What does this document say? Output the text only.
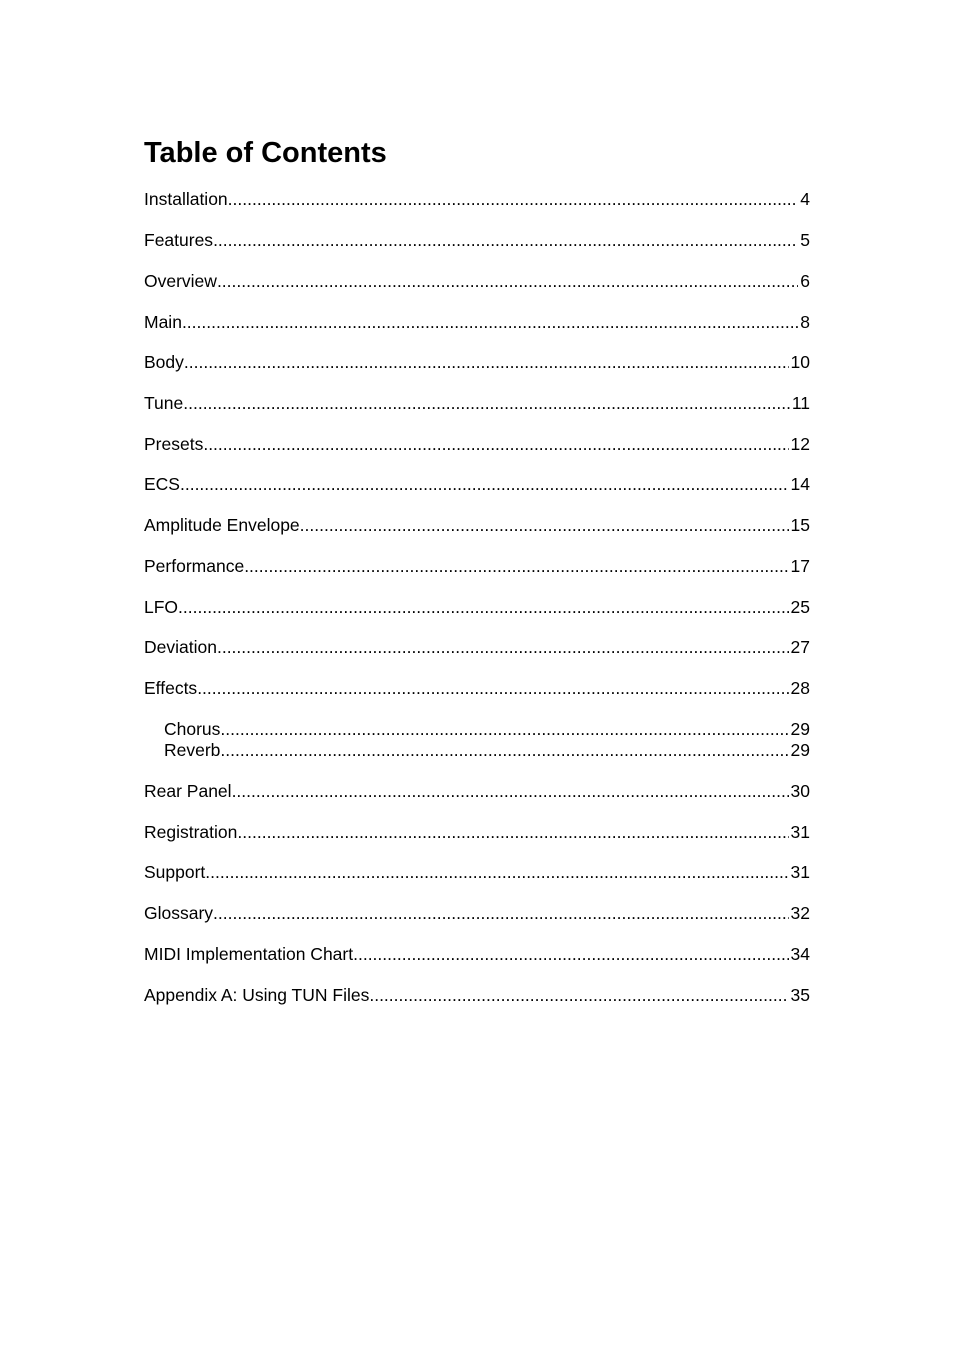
Table of Contents
Installation .....	4
Features .....	5
Overview .....	6
Main .....	8
Body .....	10
Tune .....	11
Presets .....	12
ECS .....	14
Amplitude Envelope .....	15
Performance .....	17
LFO .....	25
Deviation .....	27
Effects .....	28
Chorus .....	29
Reverb .....	29
Rear Panel .....	30
Registration .....	31
Support .....	31
Glossary .....	32
MIDI Implementation Chart .....	34
Appendix A: Using TUN Files .....	35
